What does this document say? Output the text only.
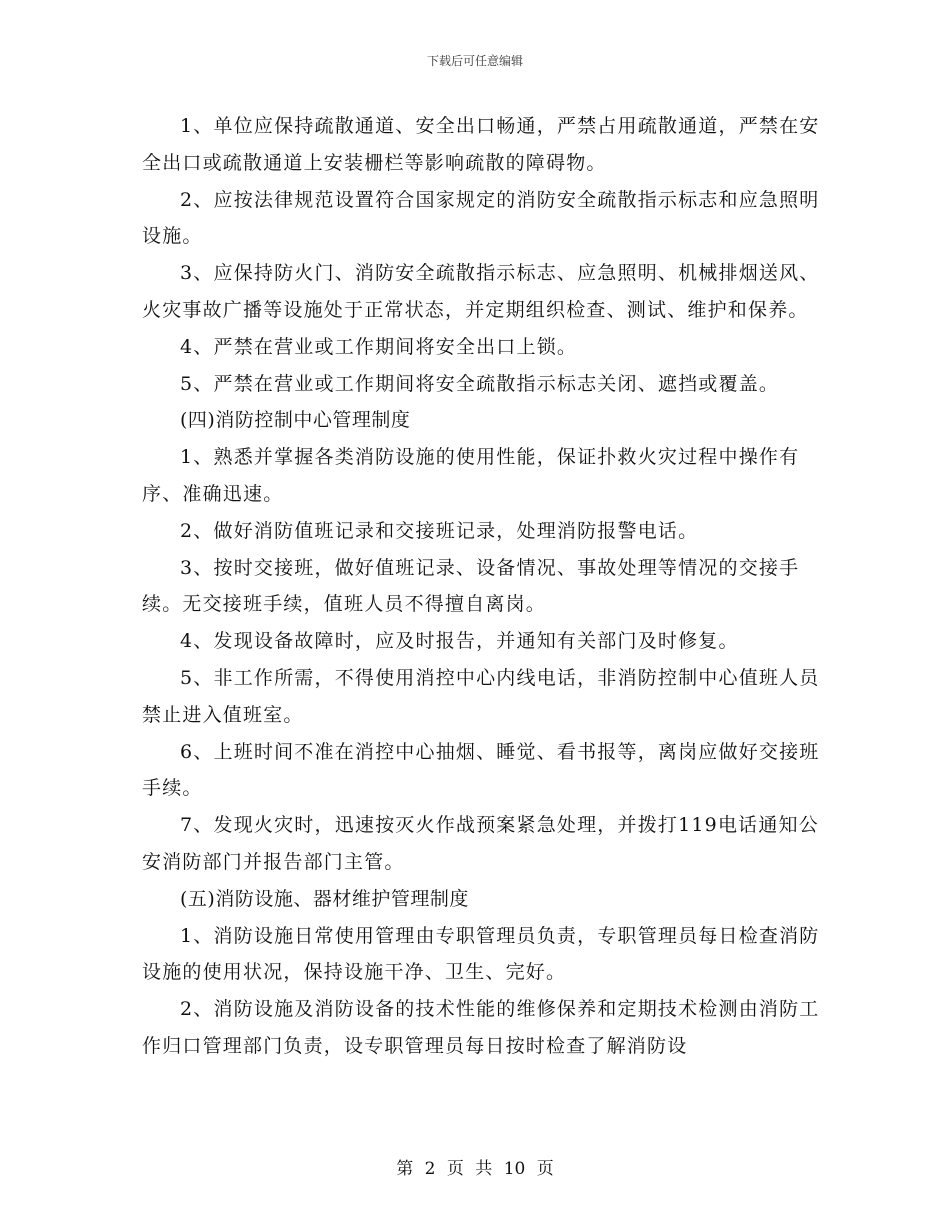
下载后可任意编辑

1、单位应保持疏散通道、安全出口畅通，严禁占用疏散通道，严禁在安全出口或疏散通道上安装栅栏等影响疏散的障碍物。

2、应按法律规范设置符合国家规定的消防安全疏散指示标志和应急照明设施。

3、应保持防火门、消防安全疏散指示标志、应急照明、机械排烟送风、火灾事故广播等设施处于正常状态，并定期组织检查、测试、维护和保养。

4、严禁在营业或工作期间将安全出口上锁。

5、严禁在营业或工作期间将安全疏散指示标志关闭、遮挡或覆盖。

(四)消防控制中心管理制度

1、熟悉并掌握各类消防设施的使用性能，保证扑救火灾过程中操作有序、准确迅速。

2、做好消防值班记录和交接班记录，处理消防报警电话。

3、按时交接班，做好值班记录、设备情况、事故处理等情况的交接手续。无交接班手续，值班人员不得擅自离岗。

4、发现设备故障时，应及时报告，并通知有关部门及时修复。

5、非工作所需，不得使用消控中心内线电话，非消防控制中心值班人员禁止进入值班室。

6、上班时间不准在消控中心抽烟、睡觉、看书报等，离岗应做好交接班手续。

7、发现火灾时，迅速按灭火作战预案紧急处理，并拨打119电话通知公安消防部门并报告部门主管。

(五)消防设施、器材维护管理制度

1、消防设施日常使用管理由专职管理员负责，专职管理员每日检查消防设施的使用状况，保持设施干净、卫生、完好。

2、消防设施及消防设备的技术性能的维修保养和定期技术检测由消防工作归口管理部门负责，设专职管理员每日按时检查了解消防设

第 2 页 共 10 页
